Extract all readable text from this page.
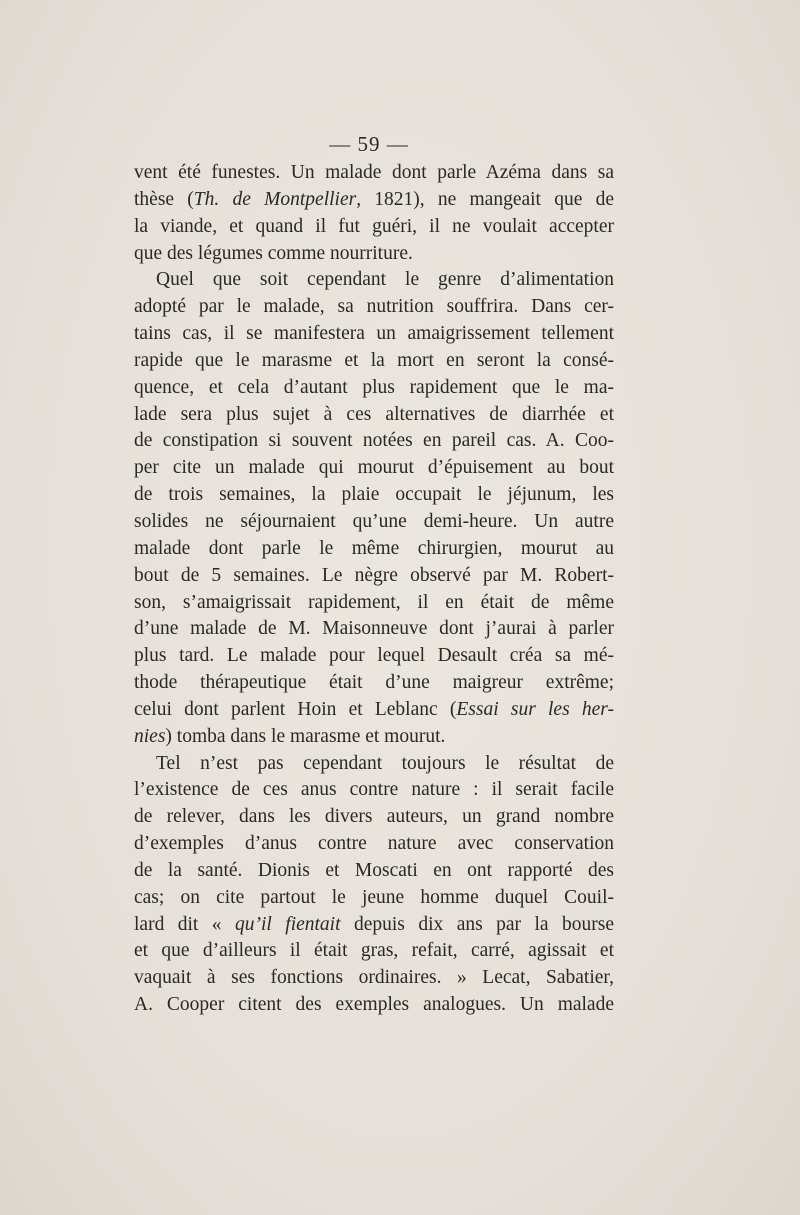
— 59 —
vent été funestes. Un malade dont parle Azéma dans sa
thèse (Th. de Montpellier, 1821), ne mangeait que de
la viande, et quand il fut guéri, il ne voulait accepter
que des légumes comme nourriture.
Quel que soit cependant le genre d’alimentation
adopté par le malade, sa nutrition souffrira. Dans cer-
tains cas, il se manifestera un amaigrissement tellement
rapide que le marasme et la mort en seront la consé-
quence, et cela d’autant plus rapidement que le ma-
lade sera plus sujet à ces alternatives de diarrhée et
de constipation si souvent notées en pareil cas. A. Coo-
per cite un malade qui mourut d’épuisement au bout
de trois semaines, la plaie occupait le jéjunum, les
solides ne séjournaient qu’une demi-heure. Un autre
malade dont parle le même chirurgien, mourut au
bout de 5 semaines. Le nègre observé par M. Robert-
son, s’amaigrissait rapidement, il en était de même
d’une malade de M. Maisonneuve dont j’aurai à parler
plus tard. Le malade pour lequel Desault créa sa mé-
thode thérapeutique était d’une maigreur extrême;
celui dont parlent Hoin et Leblanc (Essai sur les her-
nies) tomba dans le marasme et mourut.
Tel n’est pas cependant toujours le résultat de
l’existence de ces anus contre nature : il serait facile
de relever, dans les divers auteurs, un grand nombre
d’exemples d’anus contre nature avec conservation
de la santé. Dionis et Moscati en ont rapporté des
cas; on cite partout le jeune homme duquel Couil-
lard dit « qu’il fientait depuis dix ans par la bourse
et que d’ailleurs il était gras, refait, carré, agissait et
vaquait à ses fonctions ordinaires. » Lecat, Sabatier,
A. Cooper citent des exemples analogues. Un malade
